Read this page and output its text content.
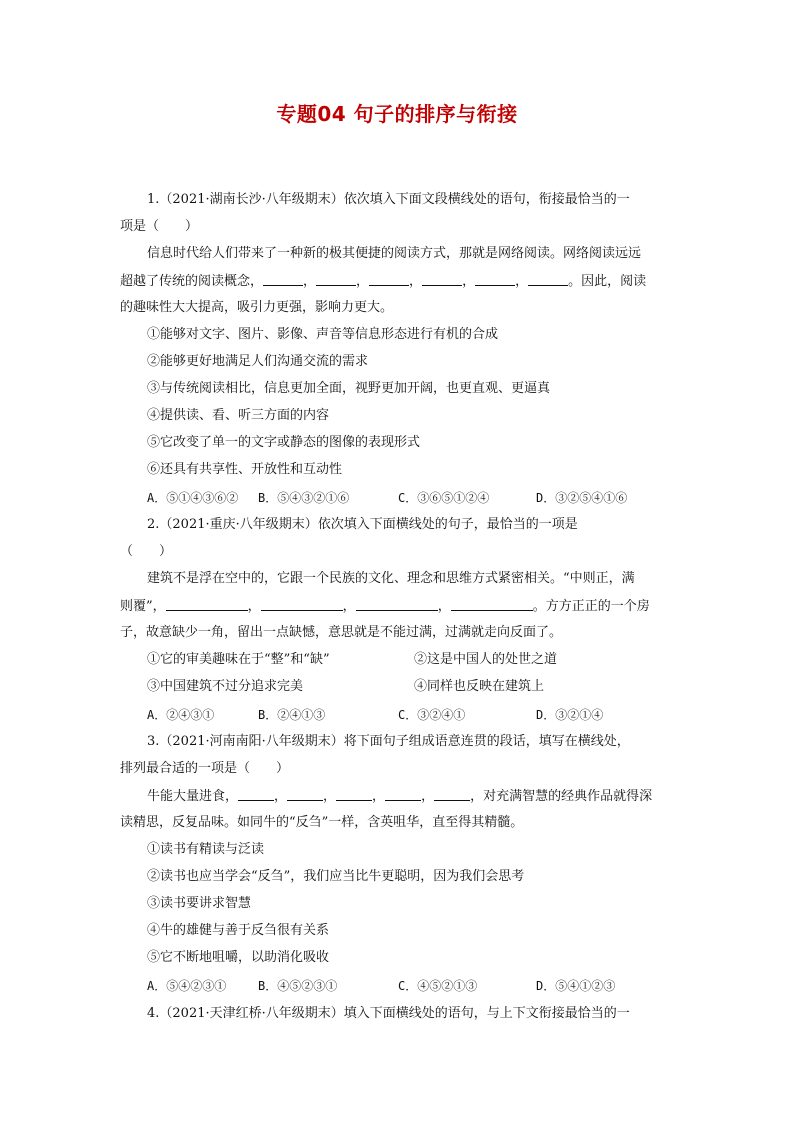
专题04 句子的排序与衔接
1.（2021·湖南长沙·八年级期末）依次填入下面文段横线处的语句，衔接最恰当的一
项是（　　）
信息时代给人们带来了一种新的极其便捷的阅读方式，那就是网络阅读。网络阅读远远
超越了传统的阅读概念，	，	，	，	，	，	。因此，阅读
的趣味性大大提高，吸引力更强，影响力更大。
①能够对文字、图片、影像、声音等信息形态进行有机的合成
②能够更好地满足人们沟通交流的需求
③与传统阅读相比，信息更加全面，视野更加开阔，也更直观、更逼真
④提供读、看、听三方面的内容
⑤它改变了单一的文字或静态的图像的表现形式
⑥还具有共享性、开放性和互动性
A．⑤①④③⑥② B．⑤④③②①⑥	C．③⑥⑤①②④	D．③②⑤④①⑥
2.（2021·重庆·八年级期末）依次填入下面横线处的句子，最恰当的一项是
（　　）
建筑不是浮在空中的，它跟一个民族的文化、理念和思维方式紧密相关。“中则正，满
则覆”，	，	，	，	。方方正正的一个房
子，故意缺少一角，留出一点缺憾，意思就是不能过满，过满就走向反面了。
①它的审美趣味在于“整”和“缺”	②这是中国人的处世之道
③中国建筑不过分追求完美	④同样也反映在建筑上
A．②④③①	B．②④①③	C．③②④①	D．③②①④
3.（2021·河南南阳·八年级期末）将下面句子组成语意连贯的段话，填写在横线处，
排列最合适的一项是（　　）
牛能大量进食，	，	，	，	，	，对充满智慧的经典作品就得深
读精思，反复品味。如同牛的“反刍”一样，含英咀华，直至得其精髓。
①读书有精读与泛读
②读书也应当学会“反刍”，我们应当比牛更聪明，因为我们会思考
③读书要讲求智慧
④牛的雄健与善于反刍很有关系
⑤它不断地咀嚼，以助消化吸收
A．⑤④②③①	B．④⑤②③①	C．④⑤②①③	D．⑤④①②③
4.（2021·天津红桥·八年级期末）填入下面横线处的语句，与上下文衔接最恰当的一
